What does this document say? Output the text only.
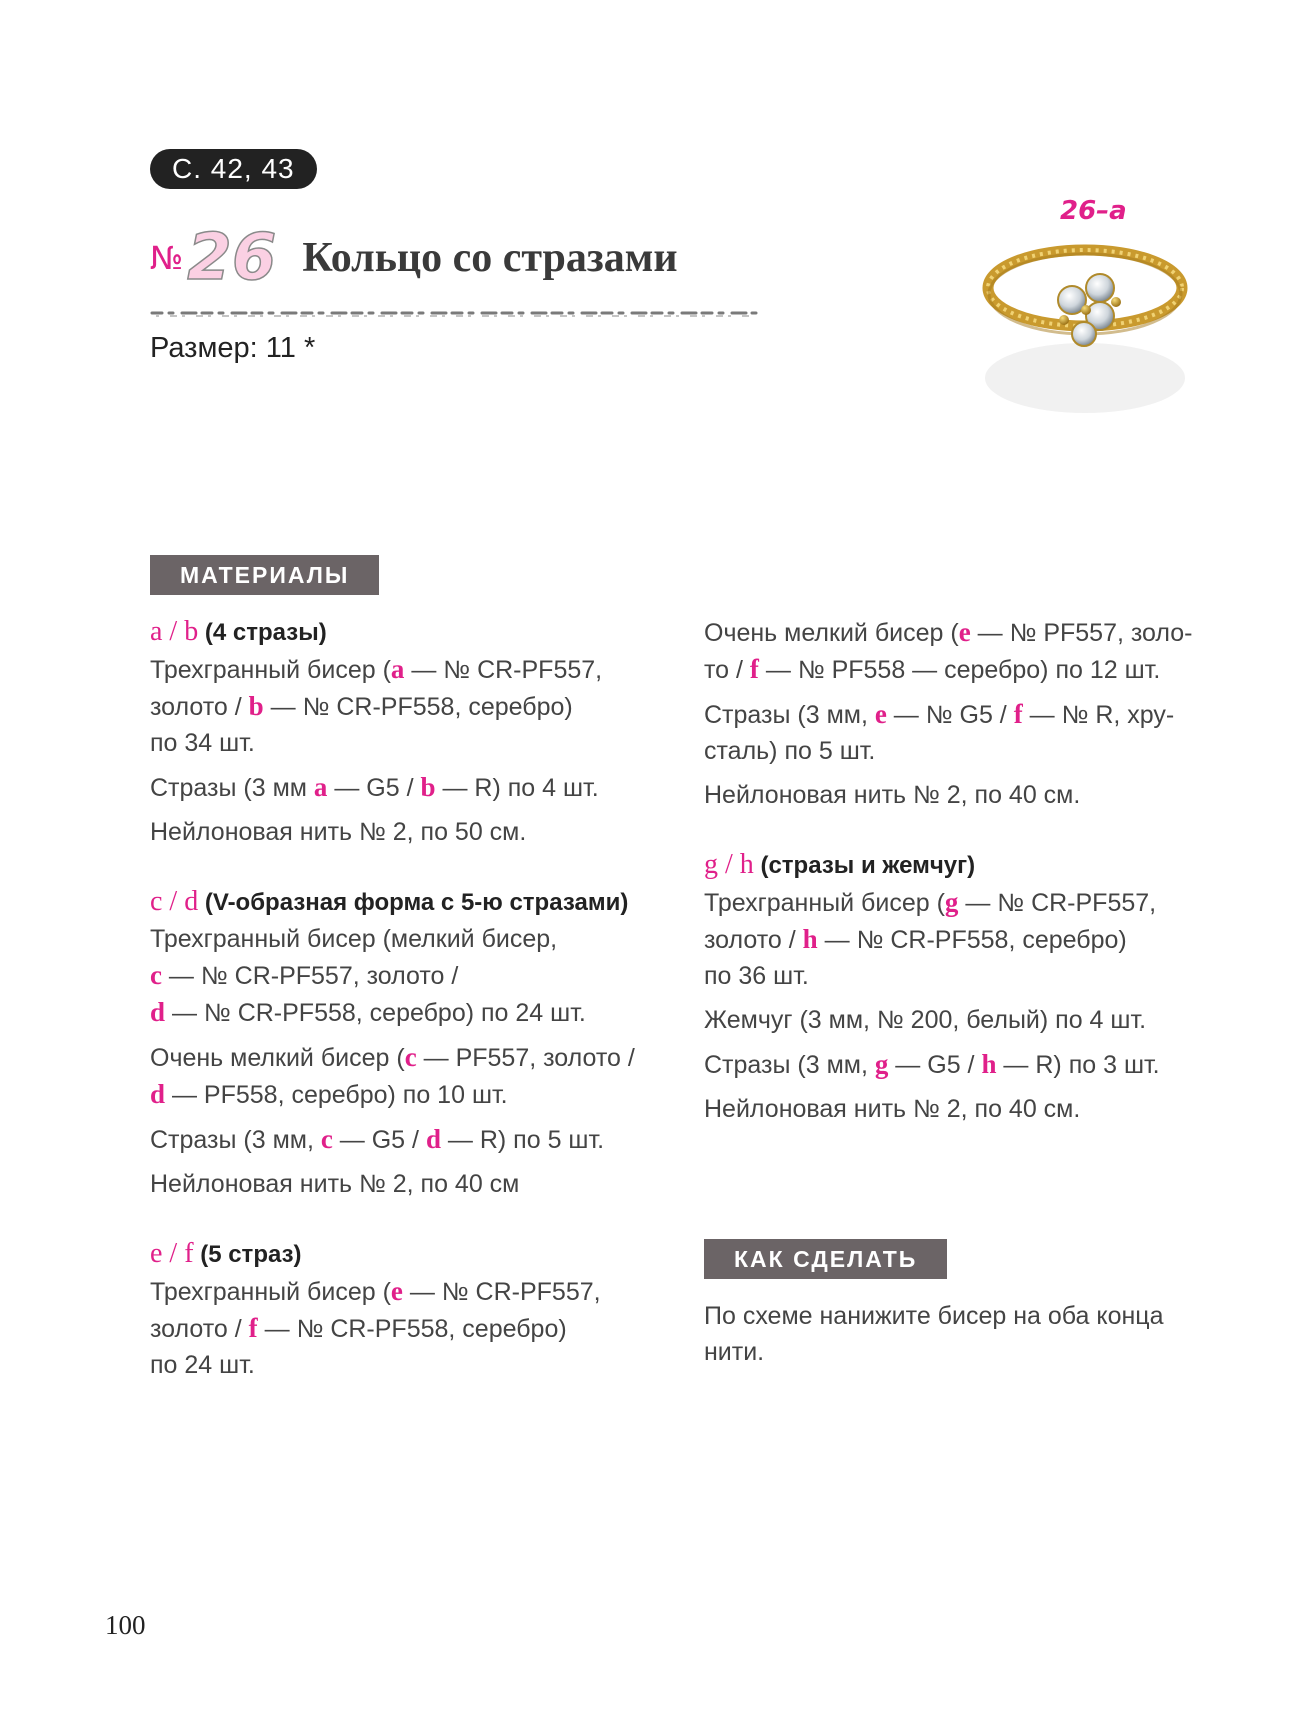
С. 42, 43
№ 26 Кольцо со стразами
Размер: 11 *
26–a
МАТЕРИАЛЫ
a / b (4 стразы)

Трехгранный бисер (a — № CR-PF557,
золото / b — № CR-PF558, серебро)
по 34 шт.

Стразы (3 мм a — G5 / b — R) по 4 шт.

Нейлоновая нить № 2, по 50 см.

c / d (V-образная форма с 5-ю стразами)

Трехгранный бисер (мелкий бисер,
c — № CR-PF557, золото /
d — № CR-PF558, серебро) по 24 шт.

Очень мелкий бисер (c — PF557, золото /
d — PF558, серебро) по 10 шт.

Стразы (3 мм, c — G5 / d — R) по 5 шт.

Нейлоновая нить № 2, по 40 см

e / f (5 страз)

Трехгранный бисер (e — № CR-PF557,
золото / f — № CR-PF558, серебро)
по 24 шт.

Очень мелкий бисер (e — № PF557, золо-
то / f — № PF558 — серебро) по 12 шт.

Стразы (3 мм, e — № G5 / f — № R, хру-
сталь) по 5 шт.

Нейлоновая нить № 2, по 40 см.

g / h (стразы и жемчуг)

Трехгранный бисер (g — № CR-PF557,
золото / h — № CR-PF558, серебро)
по 36 шт.

Жемчуг (3 мм, № 200, белый) по 4 шт.

Стразы (3 мм, g — G5 / h — R) по 3 шт.

Нейлоновая нить № 2, по 40 см.

КАК СДЕЛАТЬ

По схеме нанижите бисер на оба конца
нити.

100
